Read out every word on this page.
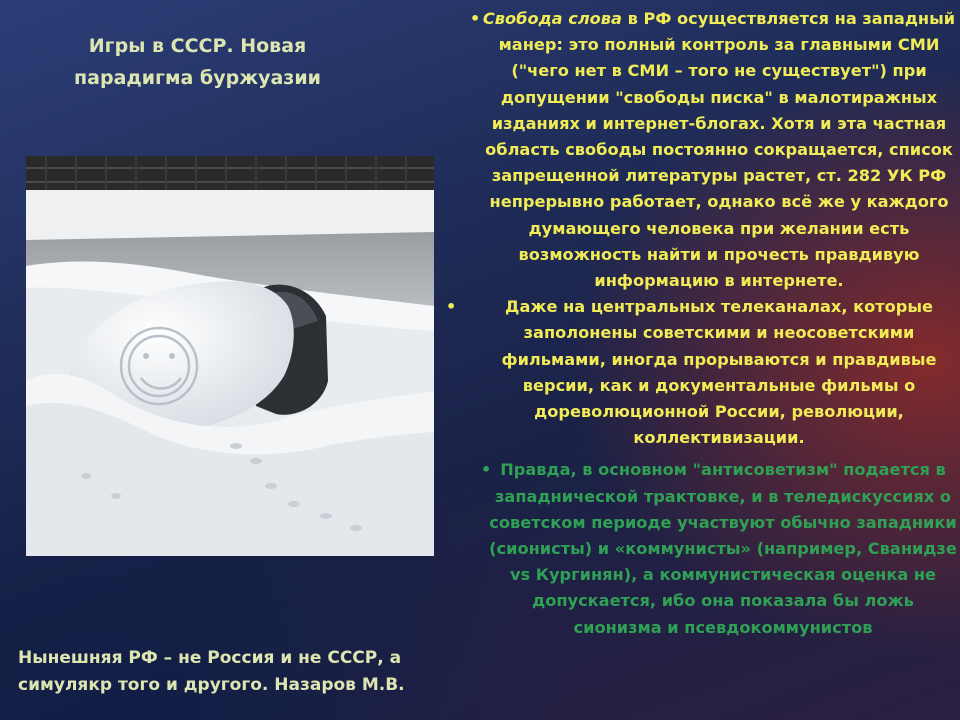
Игры в СССР. Новая
парадигма буржуазии
Нынешняя РФ – не Россия и не СССР, а симулякр того и другого. Назаров М.В.
• Свобода слова в РФ осуществляется на западный манер: это полный контроль за главными СМИ ("чего нет в СМИ – того не существует") при допущении "свободы писка" в малотиражных изданиях и интернет-блогах. Хотя и эта частная область свободы постоянно сокращается, список запрещенной литературы растет, ст. 282 УК РФ непрерывно работает, однако всё же у каждого думающего человека при желании есть возможность найти и прочесть правдивую информацию в интернете.
•	Даже на центральных телеканалах, которые заполонены советскими и неосоветскими фильмами, иногда прорываются и правдивые версии, как и документальные фильмы о дореволюционной России, революции, коллективизации.
• Правда, в основном "антисоветизм" подается в западнической трактовке, и в теледискуссиях о советском периоде участвуют обычно западники (сионисты) и «коммунисты» (например, Сванидзе vs Кургинян), а коммунистическая оценка не допускается, ибо она показала бы ложь сионизма и псевдокоммунистов
